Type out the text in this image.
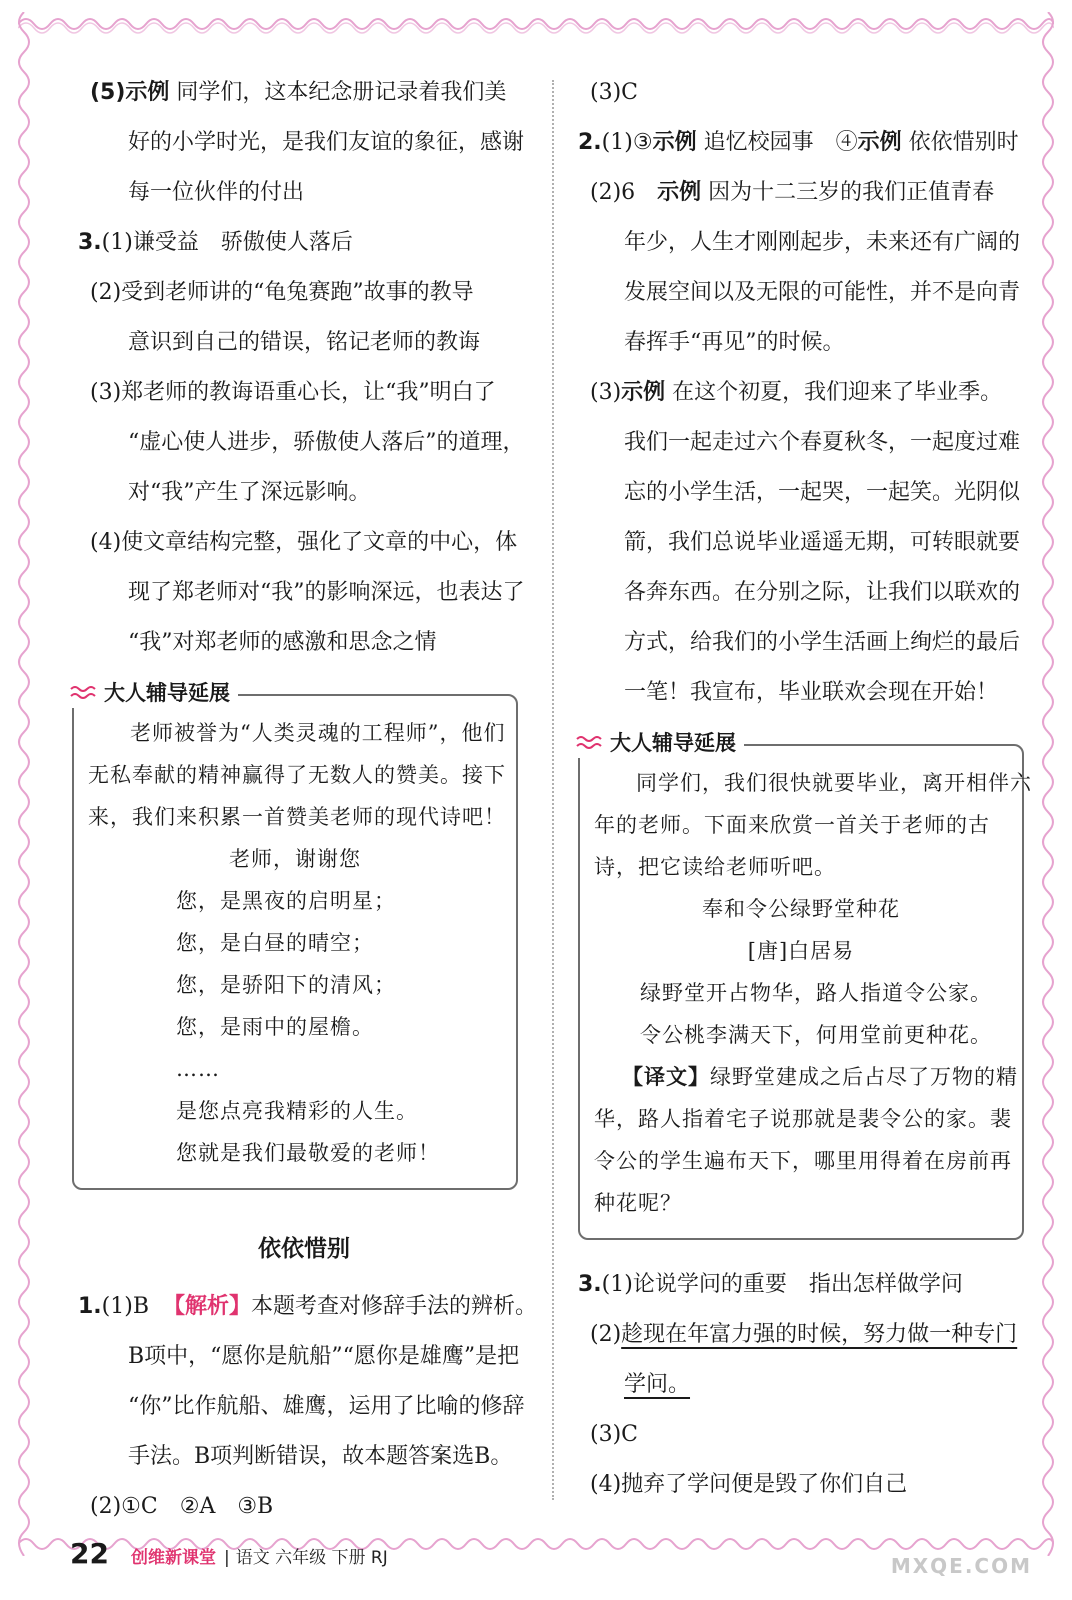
(5)示例 同学们，这本纪念册记录着我们美
好的小学时光，是我们友谊的象征，感谢
每一位伙伴的付出
3.(1)谦受益　骄傲使人落后
(2)受到老师讲的“龟兔赛跑”故事的教导
意识到自己的错误，铭记老师的教诲
(3)郑老师的教诲语重心长，让“我”明白了
“虚心使人进步，骄傲使人落后”的道理，
对“我”产生了深远影响。
(4)使文章结构完整，强化了文章的中心，体
现了郑老师对“我”的影响深远，也表达了
“我”对郑老师的感激和思念之情
大人辅导延展
老师被誉为“人类灵魂的工程师”，他们
无私奉献的精神赢得了无数人的赞美。接下
来，我们来积累一首赞美老师的现代诗吧！
老师，谢谢您
您，是黑夜的启明星；
您，是白昼的晴空；
您，是骄阳下的清风；
您，是雨中的屋檐。
……
是您点亮我精彩的人生。
您就是我们最敬爱的老师！
依依惜别
1.(1)B 【解析】本题考查对修辞手法的辨析。
B项中，“愿你是航船”“愿你是雄鹰”是把
“你”比作航船、雄鹰，运用了比喻的修辞
手法。B项判断错误，故本题答案选B。
(2)①C　②A　③B
(3)C
2.(1)③示例 追忆校园事　④示例 依依惜别时
(2)6　示例 因为十二三岁的我们正值青春
年少，人生才刚刚起步，未来还有广阔的
发展空间以及无限的可能性，并不是向青
春挥手“再见”的时候。
(3)示例 在这个初夏，我们迎来了毕业季。
我们一起走过六个春夏秋冬，一起度过难
忘的小学生活，一起哭，一起笑。光阴似
箭，我们总说毕业遥遥无期，可转眼就要
各奔东西。在分别之际，让我们以联欢的
方式，给我们的小学生活画上绚烂的最后
一笔！我宣布，毕业联欢会现在开始！
大人辅导延展
同学们，我们很快就要毕业，离开相伴六
年的老师。下面来欣赏一首关于老师的古
诗，把它读给老师听吧。
奉和令公绿野堂种花
[唐]白居易
绿野堂开占物华，路人指道令公家。
令公桃李满天下，何用堂前更种花。
【译文】绿野堂建成之后占尽了万物的精
华，路人指着宅子说那就是裴令公的家。裴
令公的学生遍布天下，哪里用得着在房前再
种花呢？
3.(1)论说学问的重要　指出怎样做学问
(2)趁现在年富力强的时候，努力做一种专门
学问。
(3)C
(4)抛弃了学问便是毁了你们自己
22 创维新课堂 | 语文 六年级 下册 RJ	MXQE.COM
